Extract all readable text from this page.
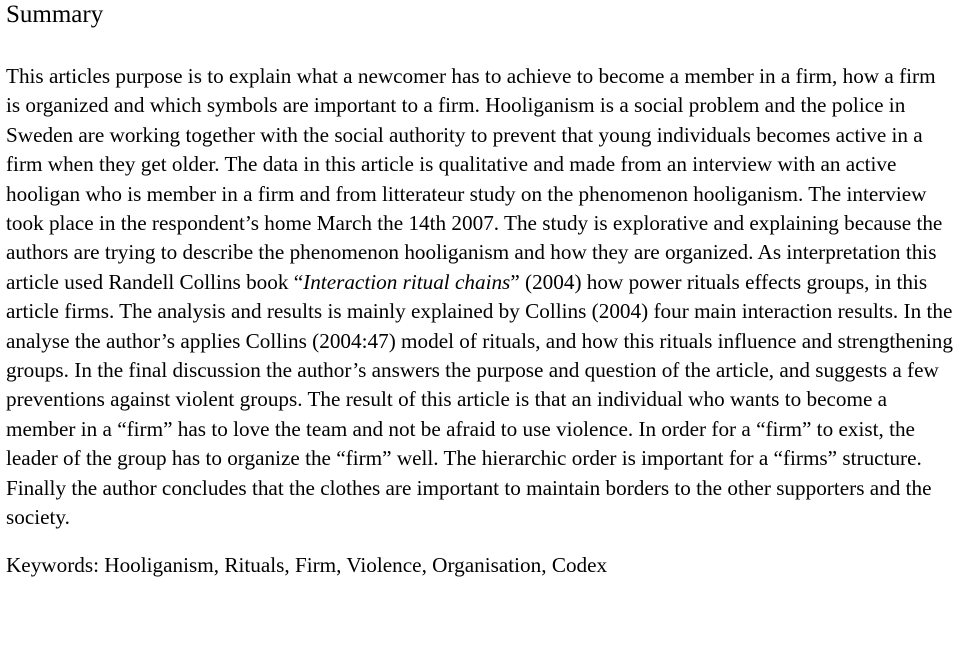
Summary

This articles purpose is to explain what a newcomer has to achieve to become a member in a firm, how a firm is organized and which symbols are important to a firm. Hooliganism is a social problem and the police in Sweden are working together with the social authority to prevent that young individuals becomes active in a firm when they get older. The data in this article is qualitative and made from an interview with an active hooligan who is member in a firm and from litterateur study on the phenomenon hooliganism. The interview took place in the respondent’s home March the 14th 2007. The study is explorative and explaining because the authors are trying to describe the phenomenon hooliganism and how they are organized. As interpretation this article used Randell Collins book “Interaction ritual chains” (2004) how power rituals effects groups, in this article firms. The analysis and results is mainly explained by Collins (2004) four main interaction results. In the analyse the author’s applies Collins (2004:47) model of rituals, and how this rituals influence and strengthening groups. In the final discussion the author’s answers the purpose and question of the article, and suggests a few preventions against violent groups. The result of this article is that an individual who wants to become a member in a “firm” has to love the team and not be afraid to use violence. In order for a “firm” to exist, the leader of the group has to organize the “firm” well. The hierarchic order is important for a “firms” structure. Finally the author concludes that the clothes are important to maintain borders to the other supporters and the society.

Keywords: Hooliganism, Rituals, Firm, Violence, Organisation, Codex
